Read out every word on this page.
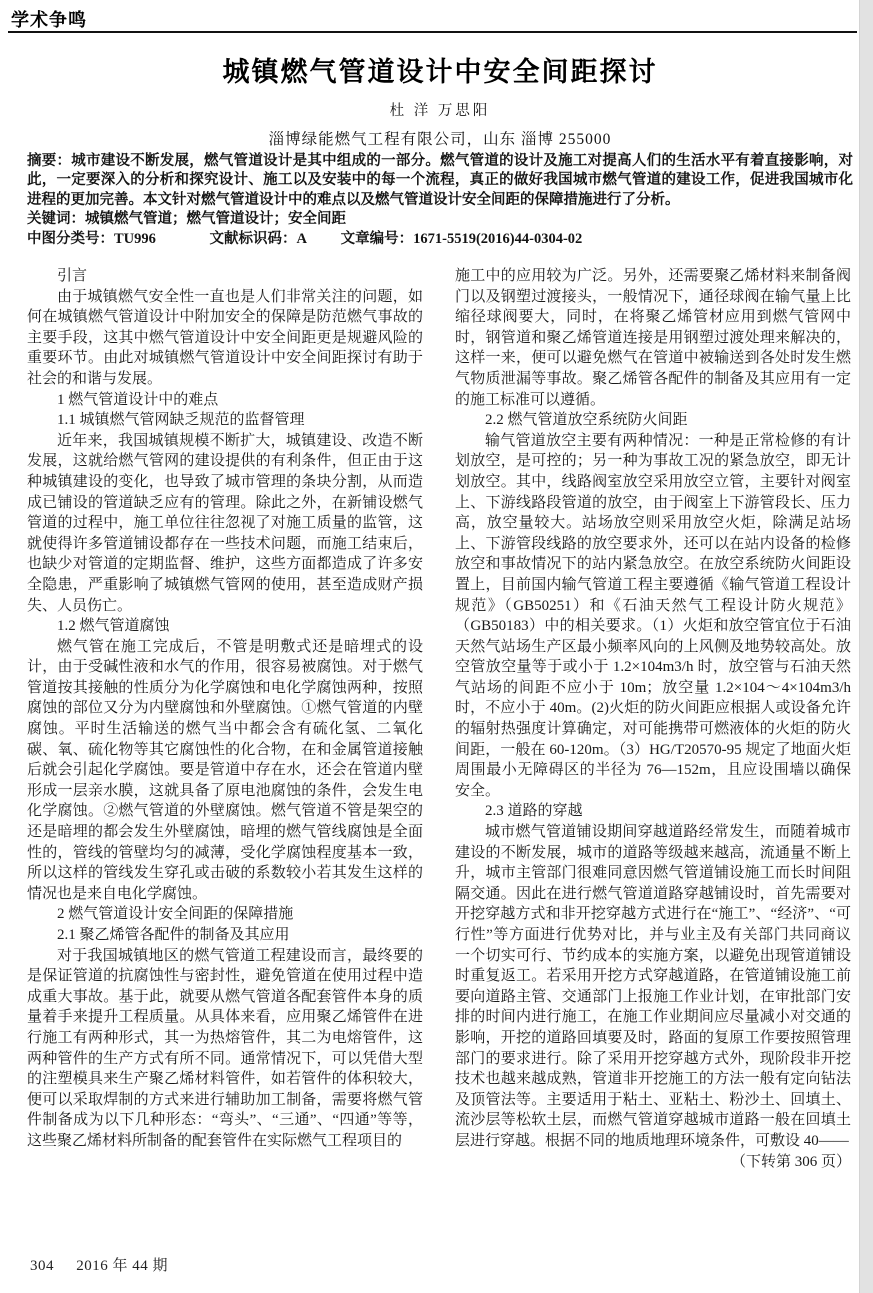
学术争鸣
城镇燃气管道设计中安全间距探讨

杜 洋 万思阳

淄博绿能燃气工程有限公司，山东 淄博 255000

摘要：城市建设不断发展，燃气管道设计是其中组成的一部分。燃气管道的设计及施工对提高人们的生活水平有着直接影响，对此，一定要深入的分析和探究设计、施工以及安装中的每一个流程，真正的做好我国城市燃气管道的建设工作，促进我国城市化进程的更加完善。本文针对燃气管道设计中的难点以及燃气管道设计安全间距的保障措施进行了分析。

关键词：城镇燃气管道；燃气管道设计；安全间距

中图分类号：TU996	文献标识码：A 文章编号：1671-5519(2016)44-0304-02

引言

由于城镇燃气安全性一直也是人们非常关注的问题，如何在城镇燃气管道设计中附加安全的保障是防范燃气事故的主要手段，这其中燃气管道设计中安全间距更是规避风险的重要环节。由此对城镇燃气管道设计中安全间距探讨有助于社会的和谐与发展。

1 燃气管道设计中的难点

1.1 城镇燃气管网缺乏规范的监督管理

近年来，我国城镇规模不断扩大，城镇建设、改造不断发展，这就给燃气管网的建设提供的有利条件，但正由于这种城镇建设的变化，也导致了城市管理的条块分割，从而造成已铺设的管道缺乏应有的管理。除此之外，在新铺设燃气管道的过程中，施工单位往往忽视了对施工质量的监管，这就使得许多管道铺设都存在一些技术问题，而施工结束后，也缺少对管道的定期监督、维护，这些方面都造成了许多安全隐患，严重影响了城镇燃气管网的使用，甚至造成财产损失、人员伤亡。

1.2 燃气管道腐蚀

燃气管在施工完成后，不管是明敷式还是暗埋式的设计，由于受碱性液和水气的作用，很容易被腐蚀。对于燃气管道按其接触的性质分为化学腐蚀和电化学腐蚀两种，按照腐蚀的部位又分为内壁腐蚀和外壁腐蚀。①燃气管道的内壁腐蚀。平时生活输送的燃气当中都会含有硫化氢、二氧化碳、氧、硫化物等其它腐蚀性的化合物，在和金属管道接触后就会引起化学腐蚀。要是管道中存在水，还会在管道内壁形成一层亲水膜，这就具备了原电池腐蚀的条件，会发生电化学腐蚀。②燃气管道的外壁腐蚀。燃气管道不管是架空的还是暗埋的都会发生外壁腐蚀，暗埋的燃气管线腐蚀是全面性的，管线的管壁均匀的减薄，受化学腐蚀程度基本一致，所以这样的管线发生穿孔或击破的系数较小若其发生这样的情况也是来自电化学腐蚀。

2 燃气管道设计安全间距的保障措施

2.1 聚乙烯管各配件的制备及其应用

对于我国城镇地区的燃气管道工程建设而言，最终要的是保证管道的抗腐蚀性与密封性，避免管道在使用过程中造成重大事故。基于此，就要从燃气管道各配套管件本身的质量着手来提升工程质量。从具体来看，应用聚乙烯管件在进行施工有两种形式，其一为热熔管件，其二为电熔管件，这两种管件的生产方式有所不同。通常情况下，可以凭借大型的注塑模具来生产聚乙烯材料管件，如若管件的体积较大，便可以采取焊制的方式来进行辅助加工制备，需要将燃气管件制备成为以下几种形态：“弯头”、“三通”、“四通”等等，这些聚乙烯材料所制备的配套管件在实际燃气工程项目的

施工中的应用较为广泛。另外，还需要聚乙烯材料来制备阀门以及钢塑过渡接头，一般情况下，通径球阀在输气量上比缩径球阀要大，同时，在将聚乙烯管材应用到燃气管网中时，钢管道和聚乙烯管道连接是用钢塑过渡处理来解决的，这样一来，便可以避免燃气在管道中被输送到各处时发生燃气物质泄漏等事故。聚乙烯管各配件的制备及其应用有一定的施工标准可以遵循。

2.2 燃气管道放空系统防火间距

输气管道放空主要有两种情况：一种是正常检修的有计划放空，是可控的；另一种为事故工况的紧急放空，即无计划放空。其中，线路阀室放空采用放空立管，主要针对阀室上、下游线路段管道的放空，由于阀室上下游管段长、压力高，放空量较大。站场放空则采用放空火炬，除满足站场上、下游管段线路的放空要求外，还可以在站内设备的检修放空和事故情况下的站内紧急放空。在放空系统防火间距设置上，目前国内输气管道工程主要遵循《输气管道工程设计规范》（GB50251）和《石油天然气工程设计防火规范》（GB50183）中的相关要求。（1）火炬和放空管宜位于石油天然气站场生产区最小频率风向的上风侧及地势较高处。放空管放空量等于或小于 1.2×104m3/h 时，放空管与石油天然气站场的间距不应小于 10m；放空量 1.2×104～4×104m3/h 时，不应小于 40m。(2)火炬的防火间距应根据人或设备允许的辐射热强度计算确定，对可能携带可燃液体的火炬的防火间距，一般在 60-120m。（3）HG/T20570-95 规定了地面火炬周围最小无障碍区的半径为 76—152m，且应设围墙以确保安全。

2.3 道路的穿越

城市燃气管道铺设期间穿越道路经常发生，而随着城市建设的不断发展，城市的道路等级越来越高，流通量不断上升，城市主管部门很难同意因燃气管道铺设施工而长时间阻隔交通。因此在进行燃气管道道路穿越铺设时，首先需要对开挖穿越方式和非开挖穿越方式进行在“施工”、“经济”、“可行性”等方面进行优势对比，并与业主及有关部门共同商议一个切实可行、节约成本的实施方案，以避免出现管道铺设时重复返工。若采用开挖方式穿越道路，在管道铺设施工前要向道路主管、交通部门上报施工作业计划，在审批部门安排的时间内进行施工，在施工作业期间应尽量减小对交通的影响，开挖的道路回填要及时，路面的复原工作要按照管理部门的要求进行。除了采用开挖穿越方式外，现阶段非开挖技术也越来越成熟，管道非开挖施工的方法一般有定向钻法及顶管法等。主要适用于粘土、亚粘土、粉沙土、回填土、流沙层等松软土层，而燃气管道穿越城市道路一般在回填土层进行穿越。根据不同的地质地理环境条件，可敷设 40——

（下转第 306 页）

304 2016 年 44 期
